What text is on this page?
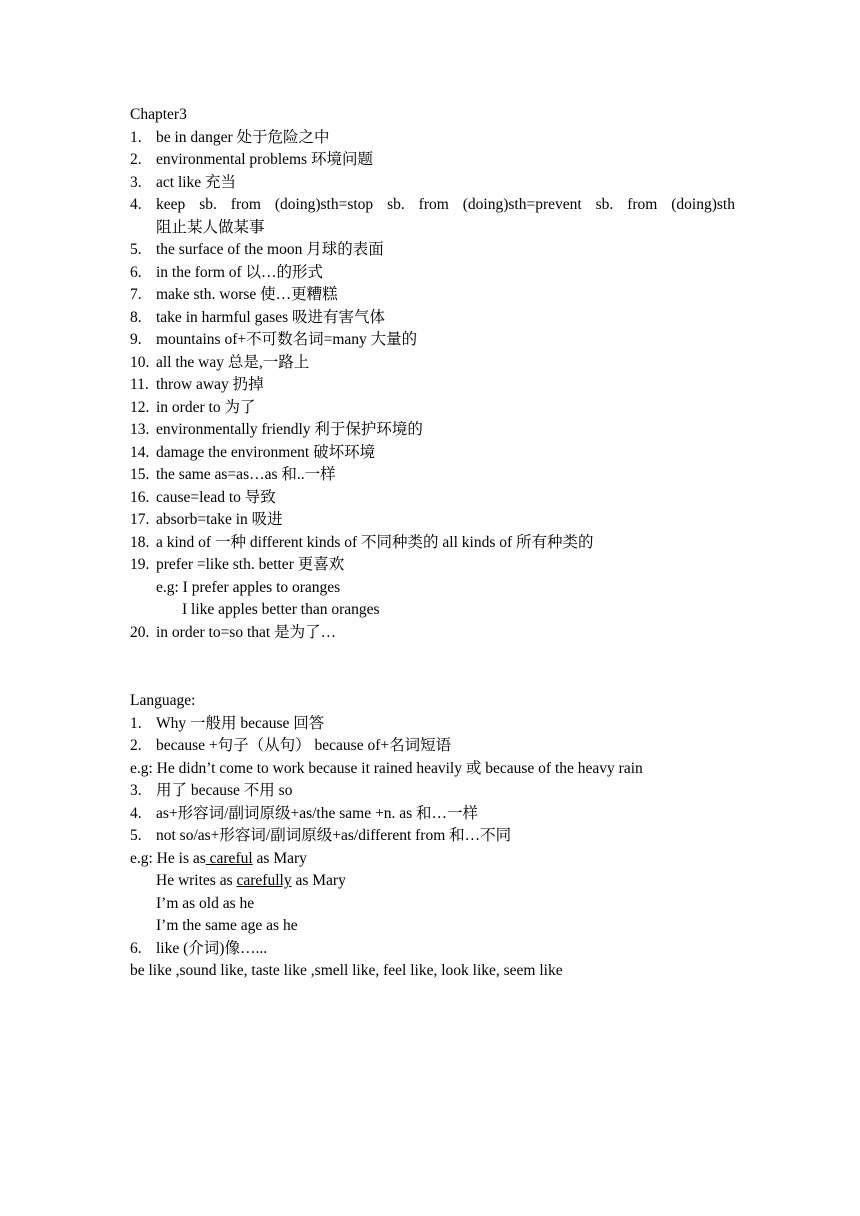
Chapter3
1. be in danger 处于危险之中
2. environmental problems 环境问题
3. act like 充当
4. keep sb. from (doing)sth=stop sb. from (doing)sth=prevent sb. from (doing)sth
阻止某人做某事
5. the surface of the moon 月球的表面
6. in the form of 以…的形式
7. make sth. worse 使…更糟糕
8. take in harmful gases 吸进有害气体
9. mountains of+不可数名词=many 大量的
10. all the way 总是,一路上
11. throw away 扔掉
12. in order to 为了
13. environmentally friendly 利于保护环境的
14. damage the environment 破坏环境
15. the same as=as…as 和..一样
16. cause=lead to 导致
17. absorb=take in 吸进
18. a kind of 一种 different kinds of 不同种类的 all kinds of 所有种类的
19. prefer =like sth. better 更喜欢
e.g: I prefer apples to oranges
I like apples better than oranges
20. in order to=so that 是为了…
Language:
1. Why 一般用 because 回答
2. because +句子（从句） because of+名词短语
e.g: He didn’t come to work because it rained heavily 或 because of the heavy rain
3. 用了 because 不用 so
4. as+形容词/副词原级+as/the same +n. as 和…一样
5. not so/as+形容词/副词原级+as/different from 和…不同
e.g: He is as careful as Mary
He writes as carefully as Mary
I’m as old as he
I’m the same age as he
6. like (介词)像…...
be like ,sound like, taste like ,smell like, feel like, look like, seem like
